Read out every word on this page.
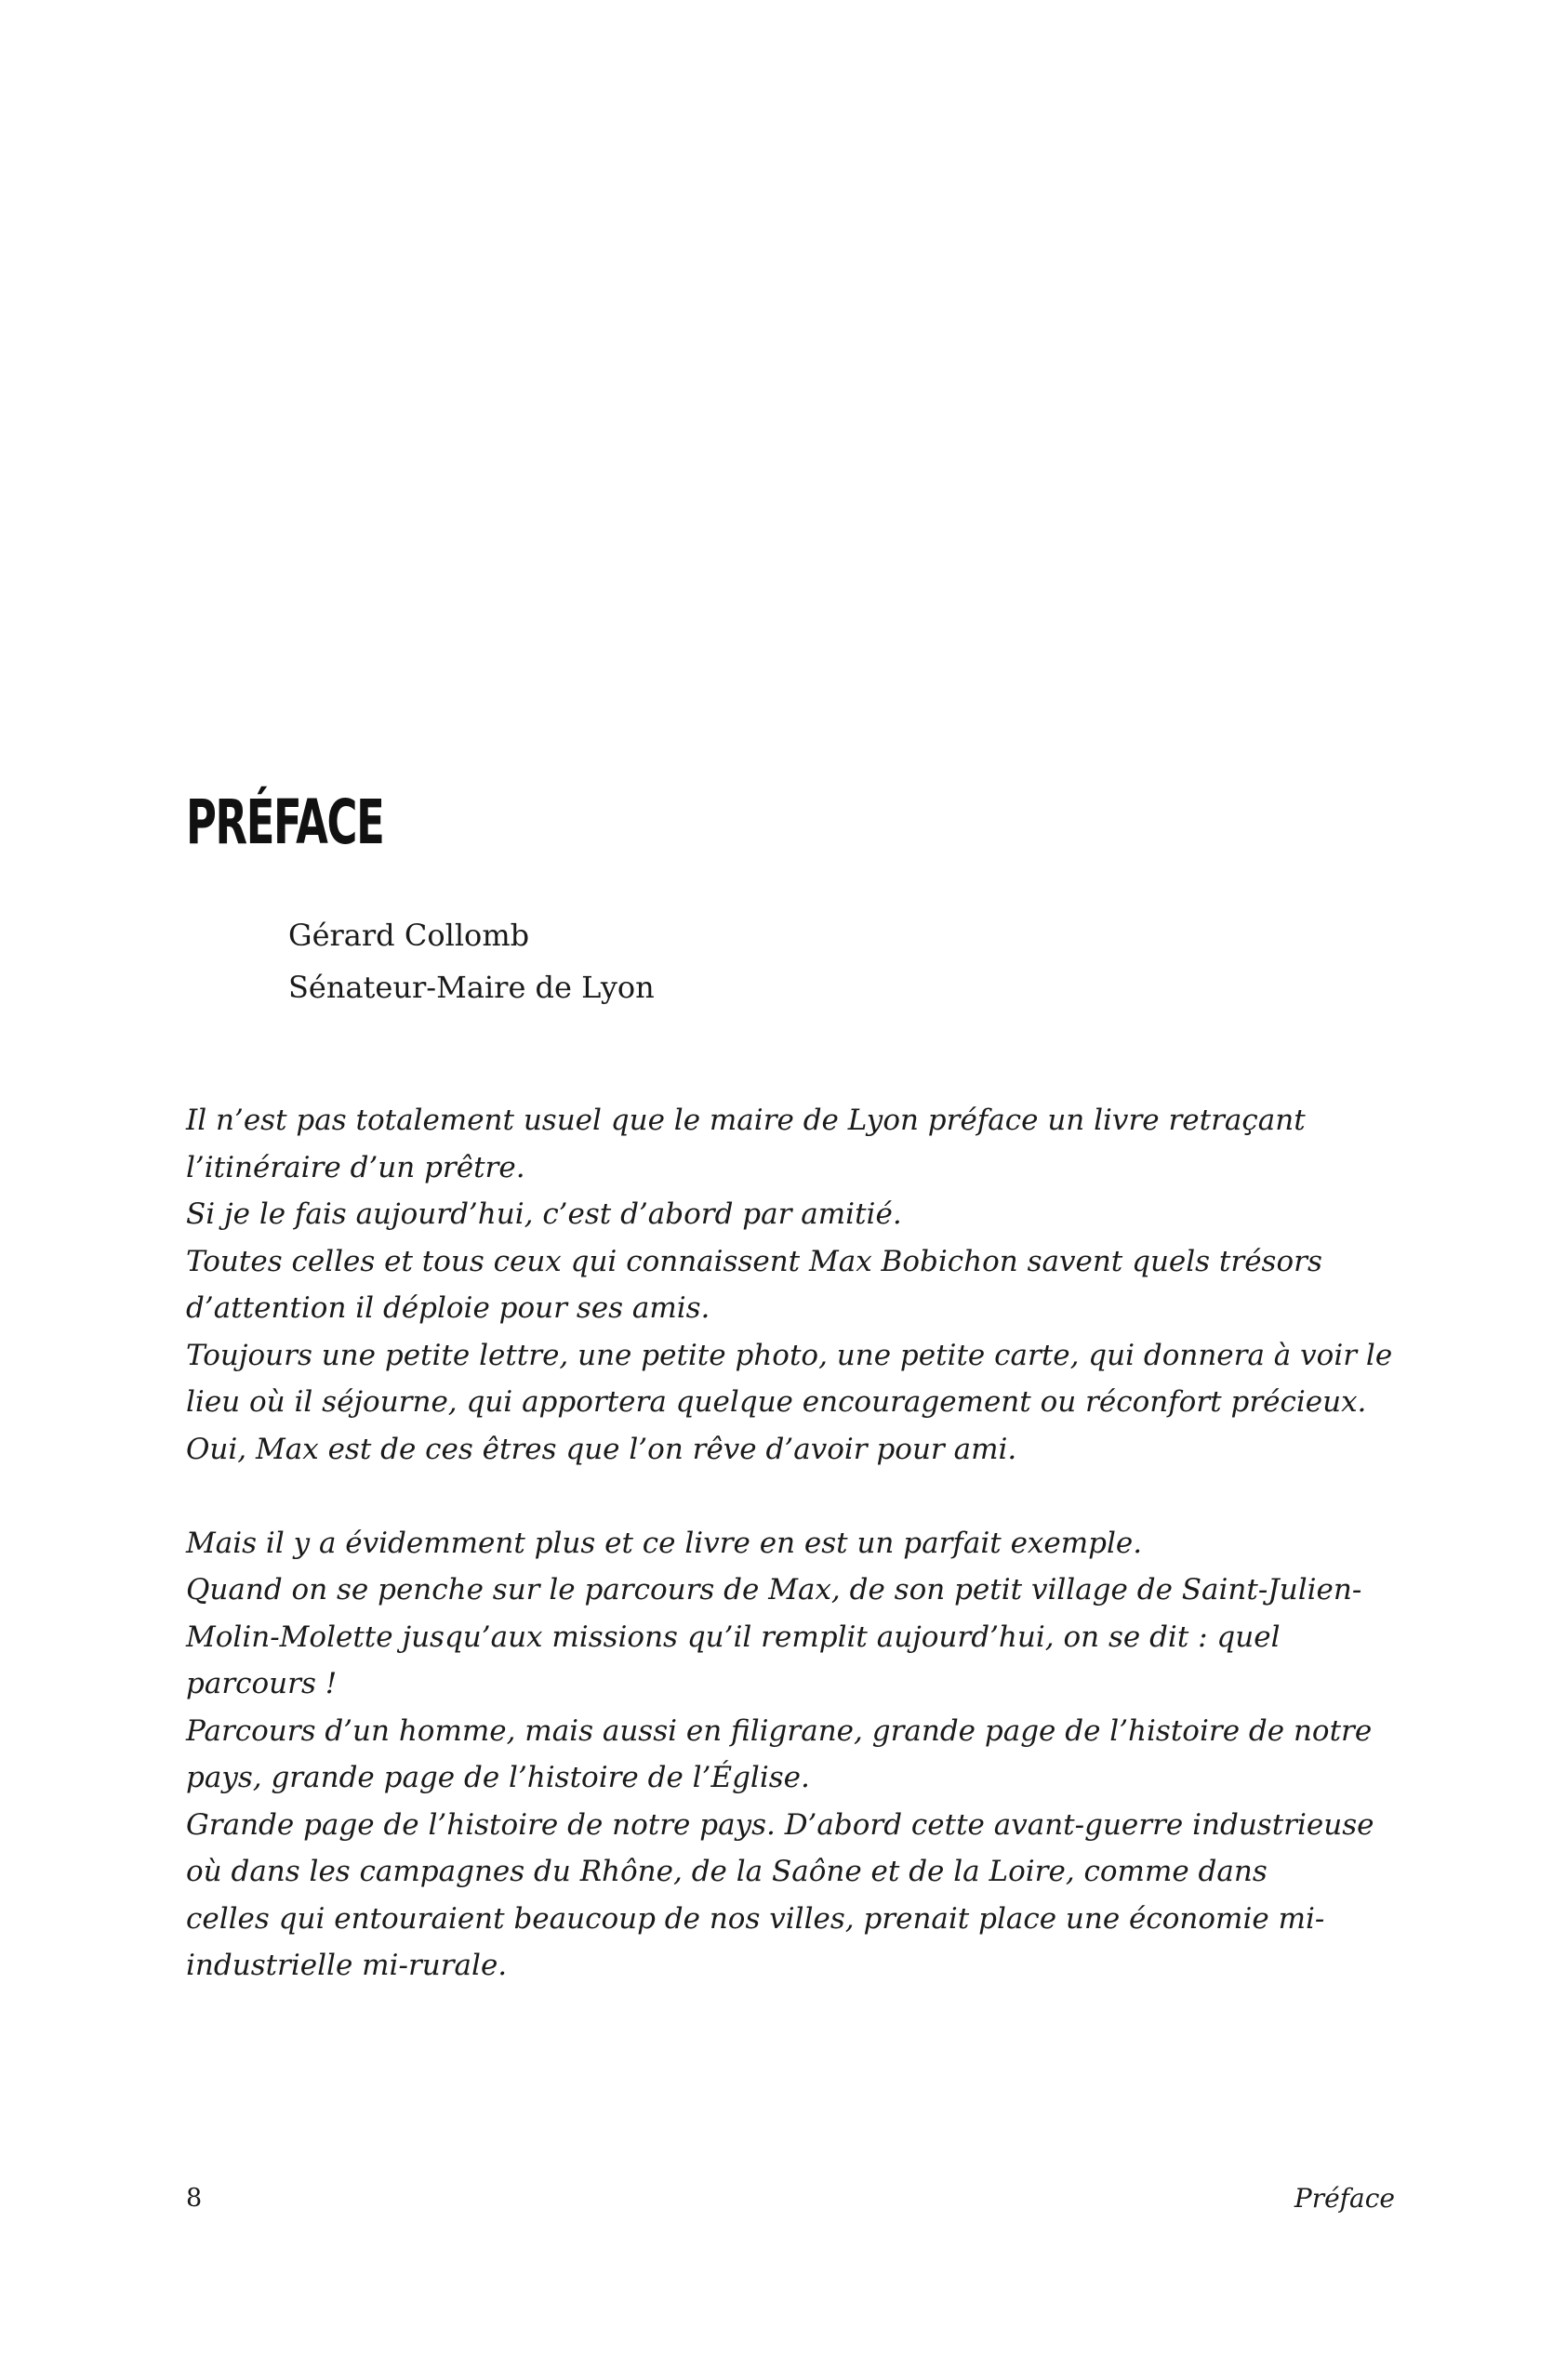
PRÉFACE
Gérard Collomb
Sénateur-Maire de Lyon
Il n’est pas totalement usuel que le maire de Lyon préface un livre retraçant
l’itinéraire d’un prêtre.
Si je le fais aujourd’hui, c’est d’abord par amitié.
Toutes celles et tous ceux qui connaissent Max Bobichon savent quels trésors
d’attention il déploie pour ses amis.
Toujours une petite lettre, une petite photo, une petite carte, qui donnera à voir le
lieu où il séjourne, qui apportera quelque encouragement ou réconfort précieux.
Oui, Max est de ces êtres que l’on rêve d’avoir pour ami.
Mais il y a évidemment plus et ce livre en est un parfait exemple.
Quand on se penche sur le parcours de Max, de son petit village de Saint-Julien-
Molin-Molette jusqu’aux missions qu’il remplit aujourd’hui, on se dit : quel
parcours !
Parcours d’un homme, mais aussi en filigrane, grande page de l’histoire de notre
pays, grande page de l’histoire de l’Église.
Grande page de l’histoire de notre pays. D’abord cette avant-guerre industrieuse
où dans les campagnes du Rhône, de la Saône et de la Loire, comme dans
celles qui entouraient beaucoup de nos villes, prenait place une économie mi-
industrielle mi-rurale.
8	Préface
